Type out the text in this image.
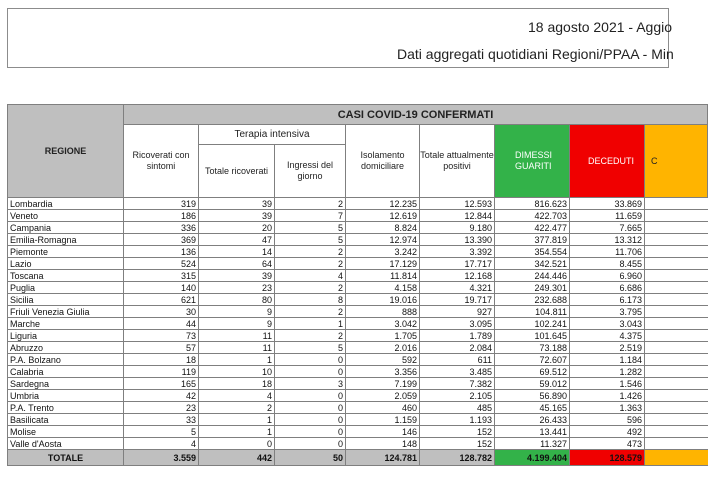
18 agosto 2021 - Aggio
Dati aggregati quotidiani Regioni/PPAA - Min
REGIONE	CASI COVID-19 CONFERMATI							
	Ricoverati con sintomi	Terapia intensiva		Isolamento domiciliare	Totale attualmente positivi	DIMESSI GUARITI	DECEDUTI	C
		Totale ricoverati	Ingressi del giorno					
Lombardia	319	39	2	12.235	12.593	816.623	33.869	
Veneto	186	39	7	12.619	12.844	422.703	11.659	
Campania	336	20	5	8.824	9.180	422.477	7.665	
Emilia-Romagna	369	47	5	12.974	13.390	377.819	13.312	
Piemonte	136	14	2	3.242	3.392	354.554	11.706	
Lazio	524	64	2	17.129	17.717	342.521	8.455	
Toscana	315	39	4	11.814	12.168	244.446	6.960	
Puglia	140	23	2	4.158	4.321	249.301	6.686	
Sicilia	621	80	8	19.016	19.717	232.688	6.173	
Friuli Venezia Giulia	30	9	2	888	927	104.811	3.795	
Marche	44	9	1	3.042	3.095	102.241	3.043	
Liguria	73	11	2	1.705	1.789	101.645	4.375	
Abruzzo	57	11	5	2.016	2.084	73.188	2.519	
P.A. Bolzano	18	1	0	592	611	72.607	1.184	
Calabria	119	10	0	3.356	3.485	69.512	1.282	
Sardegna	165	18	3	7.199	7.382	59.012	1.546	
Umbria	42	4	0	2.059	2.105	56.890	1.426	
P.A. Trento	23	2	0	460	485	45.165	1.363	
Basilicata	33	1	0	1.159	1.193	26.433	596	
Molise	5	1	0	146	152	13.441	492	
Valle d'Aosta	4	0	0	148	152	11.327	473	
TOTALE	3.559	442	50	124.781	128.782	4.199.404	128.579	
